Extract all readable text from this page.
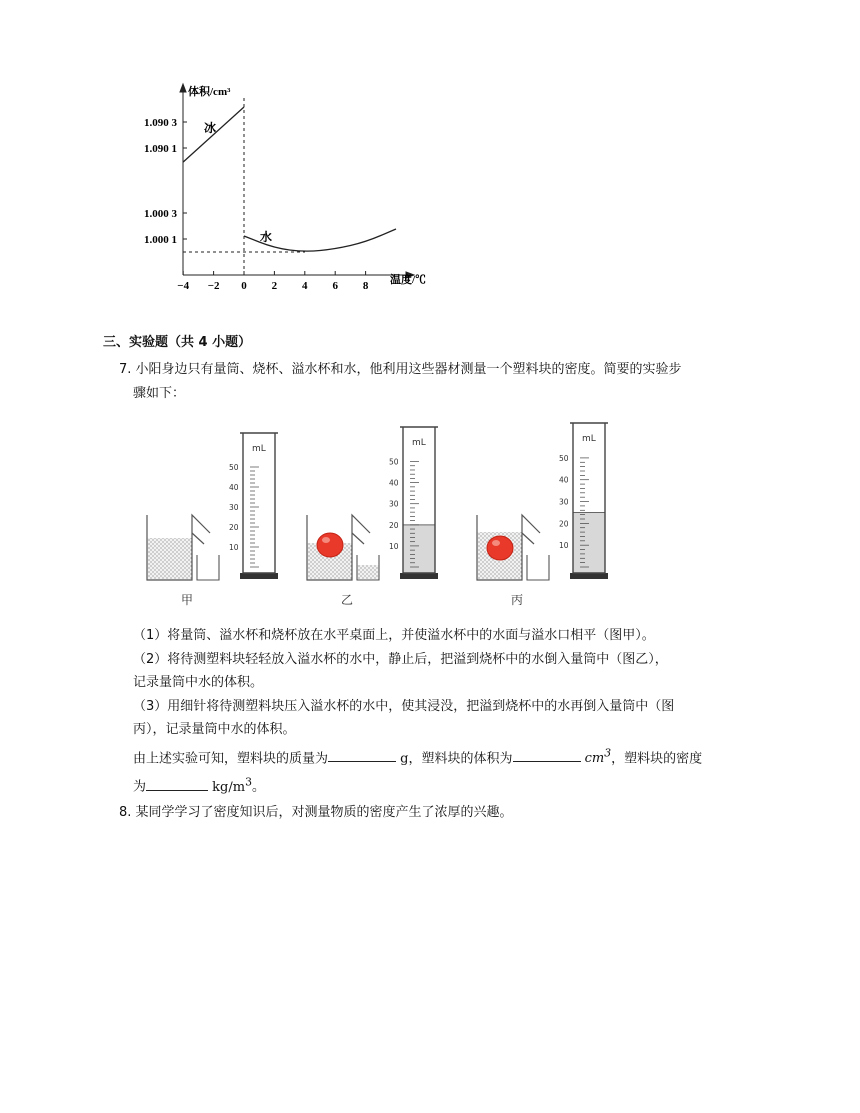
体积/cm³
温度/℃
1.090 3
1.090 1
1.000 3
1.000 1
−4 −2 0 2 4 6 8
冰
水
三、实验题（共 4 小题）
7. 小阳身边只有量筒、烧杯、溢水杯和水，他利用这些器材测量一个塑料块的密度。简要的实验步
骤如下：
mL
50
40
30
20
10
甲
mL
50
40
30
20
10
乙
mL
50
40
30
20
10
丙
（1）将量筒、溢水杯和烧杯放在水平桌面上，并使溢水杯中的水面与溢水口相平（图甲）。
（2）将待测塑料块轻轻放入溢水杯的水中，静止后，把溢到烧杯中的水倒入量筒中（图乙），
记录量筒中水的体积。
（3）用细针将待测塑料块压入溢水杯的水中，使其浸没，把溢到烧杯中的水再倒入量筒中（图
丙），记录量筒中水的体积。
由上述实验可知，塑料块的质量为	g，塑料块的体积为	$cm^3$，塑料块的密度
为	$kg/m^3$。
8. 某同学学习了密度知识后，对测量物质的密度产生了浓厚的兴趣。
